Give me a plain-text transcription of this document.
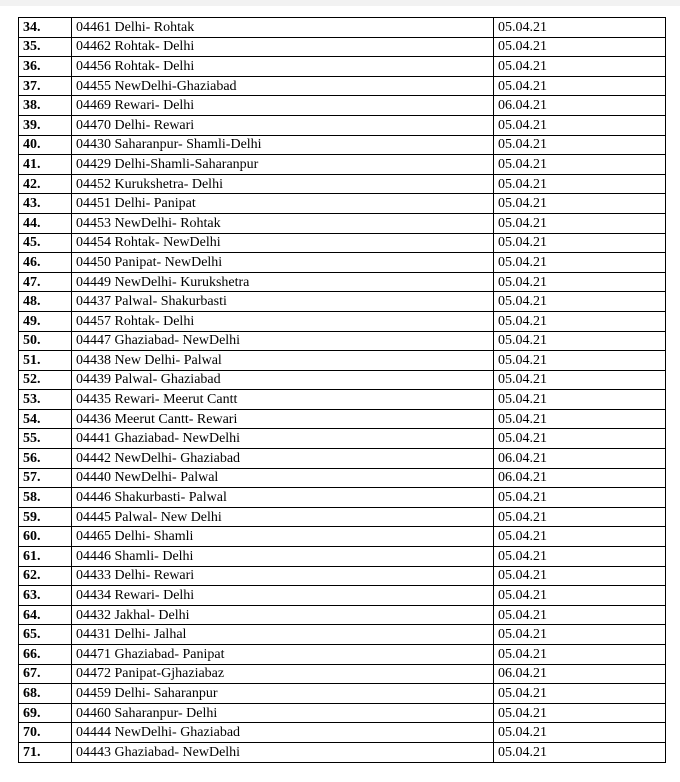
34.	04461 Delhi- Rohtak	05.04.21
35.	04462 Rohtak- Delhi	05.04.21
36.	04456 Rohtak- Delhi	05.04.21
37.	04455 NewDelhi-Ghaziabad	05.04.21
38.	04469 Rewari- Delhi	06.04.21
39.	04470 Delhi- Rewari	05.04.21
40.	04430 Saharanpur- Shamli-Delhi	05.04.21
41.	04429 Delhi-Shamli-Saharanpur	05.04.21
42.	04452 Kurukshetra- Delhi	05.04.21
43.	04451 Delhi- Panipat	05.04.21
44.	04453 NewDelhi- Rohtak	05.04.21
45.	04454 Rohtak- NewDelhi	05.04.21
46.	04450 Panipat- NewDelhi	05.04.21
47.	04449 NewDelhi- Kurukshetra	05.04.21
48.	04437 Palwal- Shakurbasti	05.04.21
49.	04457 Rohtak- Delhi	05.04.21
50.	04447 Ghaziabad- NewDelhi	05.04.21
51.	04438 New Delhi- Palwal	05.04.21
52.	04439 Palwal- Ghaziabad	05.04.21
53.	04435 Rewari- Meerut Cantt	05.04.21
54.	04436 Meerut Cantt- Rewari	05.04.21
55.	04441 Ghaziabad- NewDelhi	05.04.21
56.	04442 NewDelhi- Ghaziabad	06.04.21
57.	04440 NewDelhi- Palwal	06.04.21
58.	04446 Shakurbasti- Palwal	05.04.21
59.	04445 Palwal- New Delhi	05.04.21
60.	04465 Delhi- Shamli	05.04.21
61.	04446 Shamli- Delhi	05.04.21
62.	04433 Delhi- Rewari	05.04.21
63.	04434 Rewari- Delhi	05.04.21
64.	04432 Jakhal- Delhi	05.04.21
65.	04431 Delhi- Jalhal	05.04.21
66.	04471 Ghaziabad- Panipat	05.04.21
67.	04472 Panipat-Gjhaziabaz	06.04.21
68.	04459 Delhi- Saharanpur	05.04.21
69.	04460 Saharanpur- Delhi	05.04.21
70.	04444 NewDelhi- Ghaziabad	05.04.21
71.	04443 Ghaziabad- NewDelhi	05.04.21
